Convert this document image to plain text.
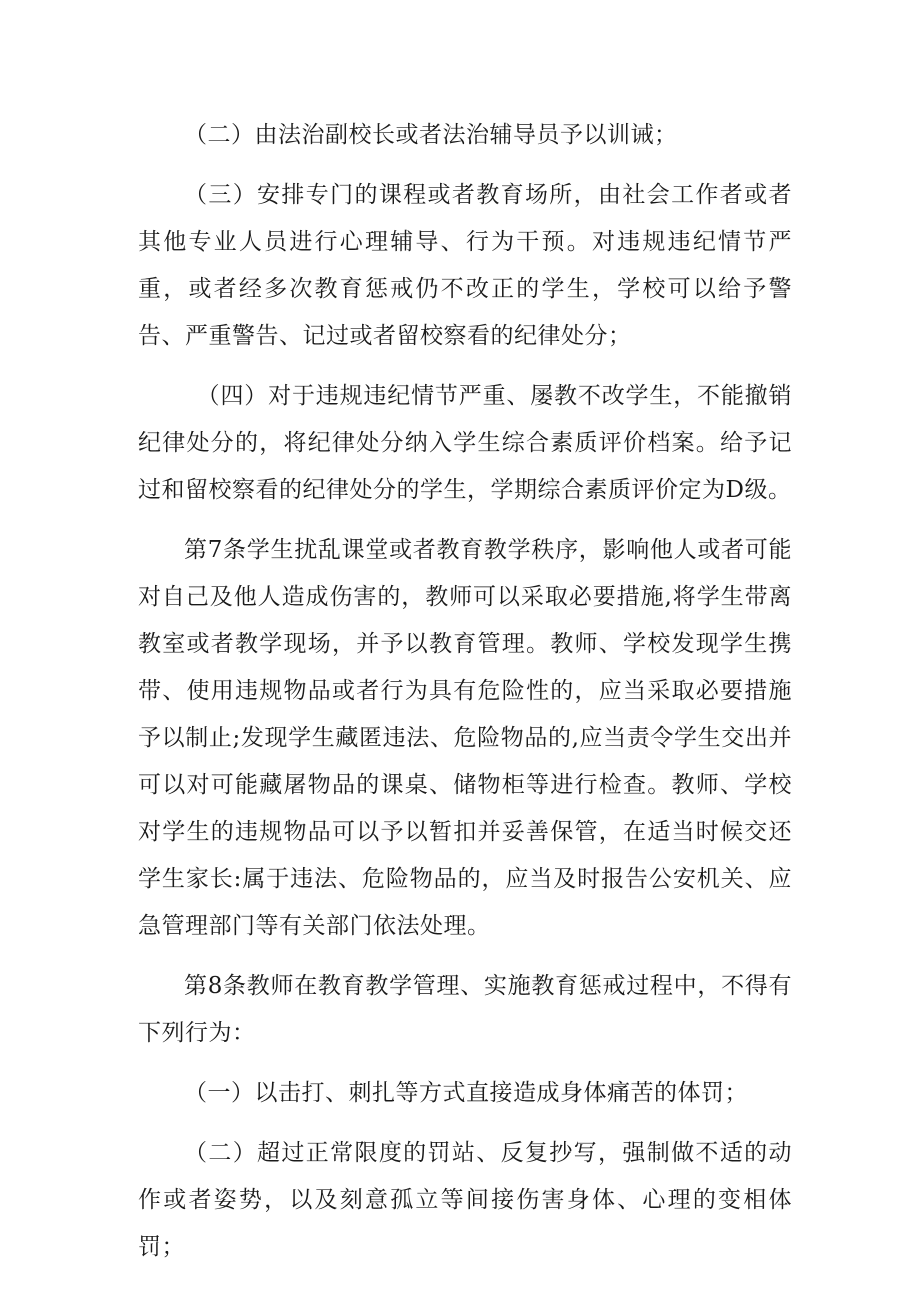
（二）由法治副校长或者法治辅导员予以训诫；

（三）安排专门的课程或者教育场所，由社会工作者或者其他专业人员进行心理辅导、行为干预。对违规违纪情节严重，或者经多次教育惩戒仍不改正的学生，学校可以给予警告、严重警告、记过或者留校察看的纪律处分；

（四）对于违规违纪情节严重、屡教不改学生，不能撤销纪律处分的，将纪律处分纳入学生综合素质评价档案。给予记过和留校察看的纪律处分的学生，学期综合素质评价定为D级。

第7条学生扰乱课堂或者教育教学秩序，影响他人或者可能对自己及他人造成伤害的，教师可以采取必要措施,将学生带离教室或者教学现场，并予以教育管理。教师、学校发现学生携带、使用违规物品或者行为具有危险性的，应当采取必要措施予以制止;发现学生藏匿违法、危险物品的,应当责令学生交出并可以对可能藏屠物品的课桌、储物柜等进行检查。教师、学校对学生的违规物品可以予以暂扣并妥善保管，在适当时候交还学生家长:属于违法、危险物品的，应当及时报告公安机关、应急管理部门等有关部门依法处理。

第8条教师在教育教学管理、实施教育惩戒过程中，不得有下列行为：

（一）以击打、刺扎等方式直接造成身体痛苦的体罚；

（二）超过正常限度的罚站、反复抄写，强制做不适的动作或者姿势，以及刻意孤立等间接伤害身体、心理的变相体罚；
